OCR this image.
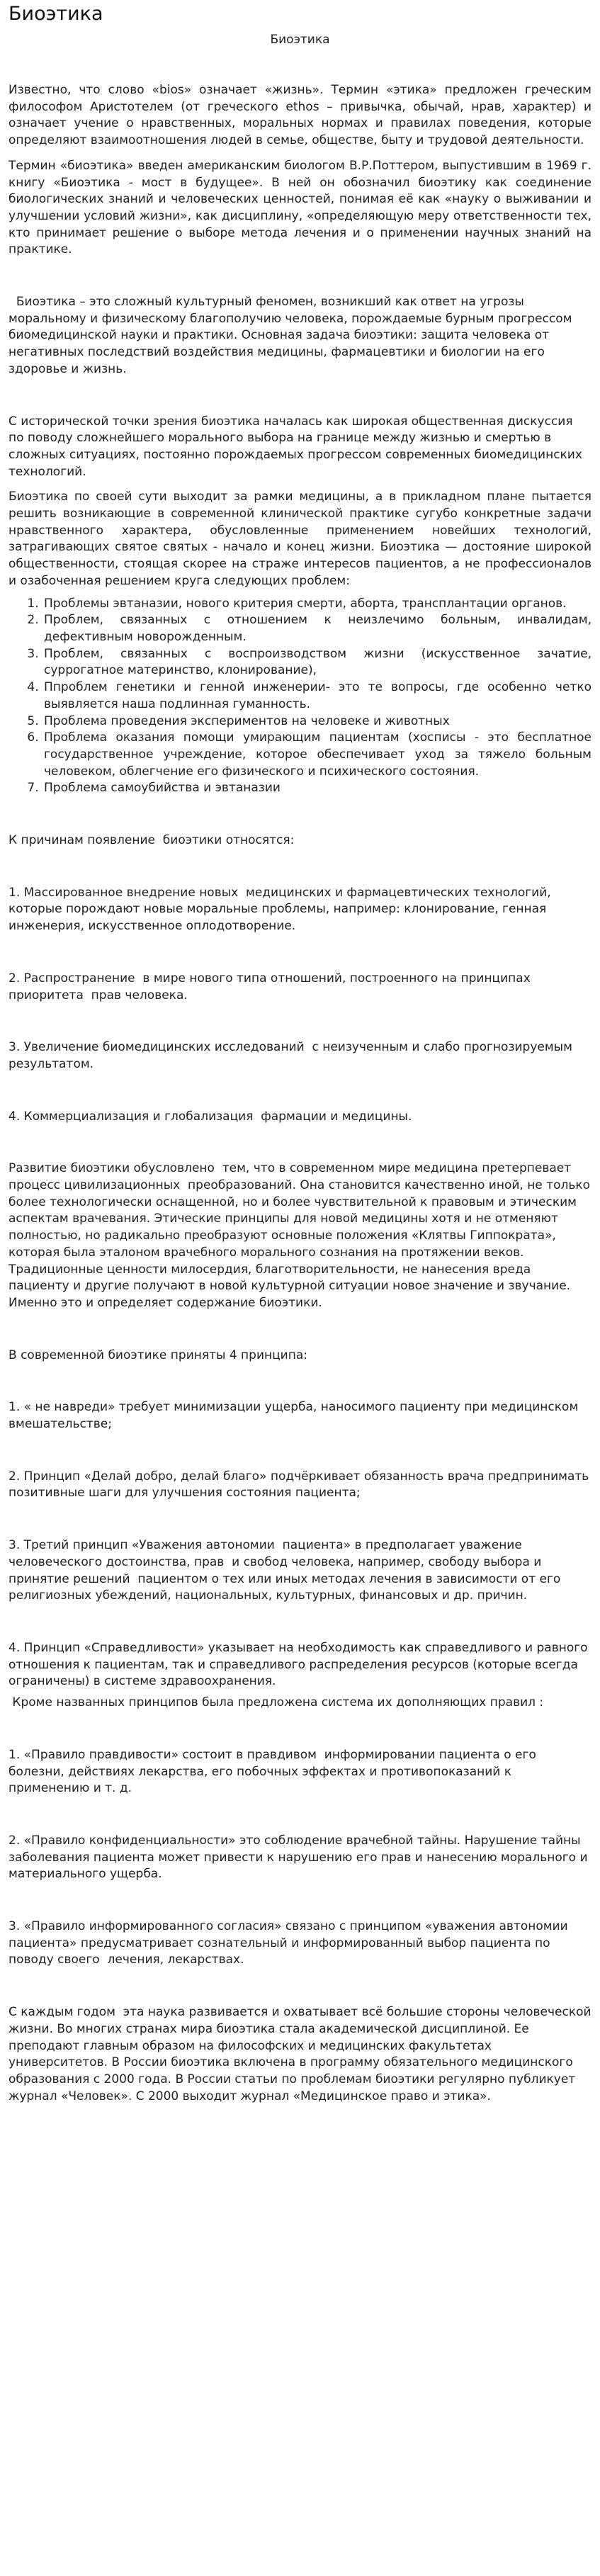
Биоэтика
Биоэтика

Известно, что слово «bios» означает «жизнь». Термин «этика» предложен греческим философом Аристотелем (от греческого ethos – привычка, обычай, нрав, характер) и означает учение о нравственных, моральных нормах и правилах поведения, которые определяют взаимоотношения людей в семье, обществе, быту и трудовой деятельности.

Термин «биоэтика» введен американским биологом В.Р.Поттером, выпустившим в 1969 г. книгу «Биоэтика - мост в будущее». В ней он обозначил биоэтику как соединение биологических знаний и человеческих ценностей, понимая её как «науку о выживании и улучшении условий жизни», как дисциплину, «определяющую меру ответственности тех, кто принимает решение о выборе метода лечения и о применении научных знаний на практике.

Биоэтика – это сложный культурный феномен, возникший как ответ на угрозы моральному и физическому благополучию человека, порождаемые бурным прогрессом биомедицинской науки и практики. Основная задача биоэтики: защита человека от негативных последствий воздействия медицины, фармацевтики и биологии на его здоровье и жизнь.

С исторической точки зрения биоэтика началась как широкая общественная дискуссия по поводу сложнейшего морального выбора на границе между жизнью и смертью в сложных ситуациях, постоянно порождаемых прогрессом современных биомедицинских технологий.

Биоэтика по своей сути выходит за рамки медицины, а в прикладном плане пытается решить возникающие в современной клинической практике сугубо конкретные задачи нравственного характера, обусловленные применением новейших технологий, затрагивающих святое святых - начало и конец жизни. Биоэтика — достояние широкой общественности, стоящая скорее на страже интересов пациентов, а не профессионалов и озабоченная решением круга следующих проблем:

1. Проблемы эвтаназии, нового критерия смерти, аборта, трансплантации органов.
2. Проблем, связанных с отношением к неизлечимо больным, инвалидам, дефективным новорожденным.
3. Проблем, связанных с воспроизводством жизни (искусственное зачатие, суррогатное материнство, клонирование),
4. Ппроблем генетики и генной инженерии- это те вопросы, где особенно четко выявляется наша подлинная гуманность.
5. Проблема проведения экспериментов на человеке и животных
6. Проблема оказания помощи умирающим пациентам (хосписы - это бесплатное государственное учреждение, которое обеспечивает уход за тяжело больным человеком, облегчение его физического и психического состояния.
7. Проблема самоубийства и эвтаназии

К причинам появление  биоэтики относятся:

1. Массированное внедрение новых  медицинских и фармацевтических технологий, которые порождают новые моральные проблемы, например: клонирование, генная инженерия, искусственное оплодотворение.

2. Распространение  в мире нового типа отношений, построенного на принципах приоритета  прав человека.

3. Увеличение биомедицинских исследований  с неизученным и слабо прогнозируемым  результатом.

4. Коммерциализация и глобализация  фармации и медицины.

Развитие биоэтики обусловлено  тем, что в современном мире медицина претерпевает процесс цивилизационных  преобразований. Она становится качественно иной, не только более технологически оснащенной, но и более чувствительной к правовым и этическим аспектам врачевания. Этические принципы для новой медицины хотя и не отменяют полностью, но радикально преобразуют основные положения «Клятвы Гиппократа», которая была эталоном врачебного морального сознания на протяжении веков. Традиционные ценности милосердия, благотворительности, не нанесения вреда пациенту и другие получают в новой культурной ситуации новое значение и звучание. Именно это и определяет содержание биоэтики.

В современной биоэтике приняты 4 принципа:

1. « не навреди» требует минимизации ущерба, наносимого пациенту при медицинском вмешательстве;

2. Принцип «Делай добро, делай благо» подчёркивает обязанность врача предпринимать позитивные шаги для улучшения состояния пациента;

3. Третий принцип «Уважения автономии  пациента» в предполагает уважение человеческого достоинства, прав  и свобод человека, например, свободу выбора и принятие решений  пациентом о тех или иных методах лечения в зависимости от его религиозных убеждений, национальных, культурных, финансовых и др. причин.

4. Принцип «Справедливости» указывает на необходимость как справедливого и равного отношения к пациентам, так и справедливого распределения ресурсов (которые всегда ограничены) в системе здравоохранения.

Кроме названных принципов была предложена система их дополняющих правил :

1. «Правило правдивости» состоит в правдивом  информировании пациента о его болезни, действиях лекарства, его побочных эффектах и противопоказаний к применению и т. д.

2. «Правило конфиденциальности» это соблюдение врачебной тайны. Нарушение тайны заболевания пациента может привести к нарушению его прав и нанесению морального и материального ущерба.

3. «Правило информированного согласия» связано с принципом «уважения автономии пациента» предусматривает сознательный и информированный выбор пациента по поводу своего  лечения, лекарствах.

С каждым годом  эта наука развивается и охватывает всё большие стороны человеческой жизни. Во многих странах мира биоэтика стала академической дисциплиной. Ее преподают главным образом на философских и медицинских факультетах университетов. В России биоэтика включена в программу обязательного медицинского образования с 2000 года. В России статьи по проблемам биоэтики регулярно публикует журнал «Человек». С 2000 выходит журнал «Медицинское право и этика».
